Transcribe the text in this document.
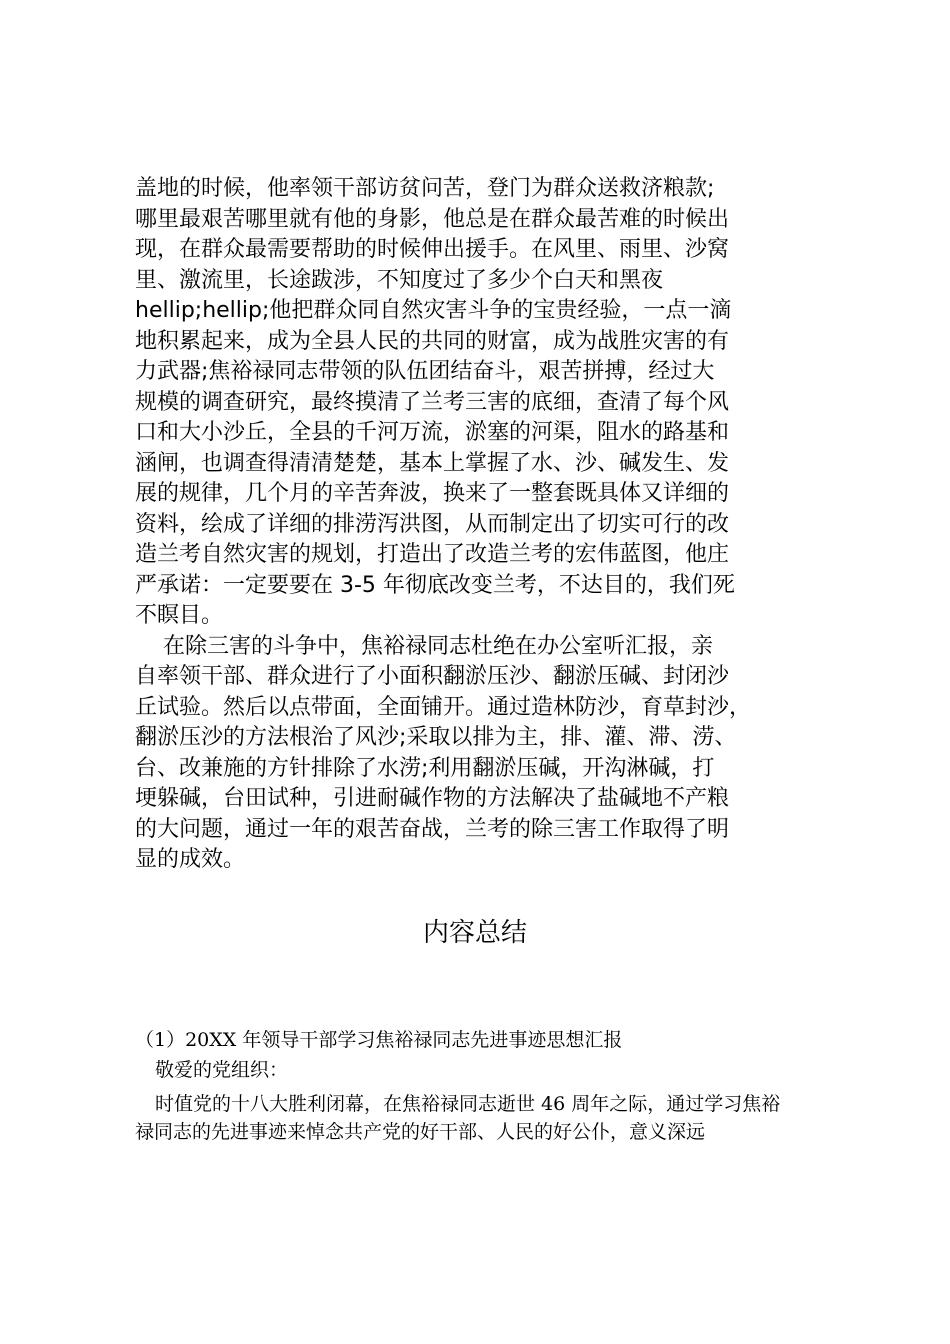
盖地的时候，他率领干部访贫问苦，登门为群众送救济粮款;
哪里最艰苦哪里就有他的身影，他总是在群众最苦难的时候出
现，在群众最需要帮助的时候伸出援手。在风里、雨里、沙窝
里、激流里，长途跋涉，不知度过了多少个白天和黑夜
hellip;hellip;他把群众同自然灾害斗争的宝贵经验，一点一滴
地积累起来，成为全县人民的共同的财富，成为战胜灾害的有
力武器;焦裕禄同志带领的队伍团结奋斗，艰苦拼搏，经过大
规模的调查研究，最终摸清了兰考三害的底细，查清了每个风
口和大小沙丘，全县的千河万流，淤塞的河渠，阻水的路基和
涵闸，也调查得清清楚楚，基本上掌握了水、沙、碱发生、发
展的规律，几个月的辛苦奔波，换来了一整套既具体又详细的
资料，绘成了详细的排涝泻洪图，从而制定出了切实可行的改
造兰考自然灾害的规划，打造出了改造兰考的宏伟蓝图，他庄
严承诺：一定要要在 3-5 年彻底改变兰考，不达目的，我们死
不瞑目。
在除三害的斗争中，焦裕禄同志杜绝在办公室听汇报，亲
自率领干部、群众进行了小面积翻淤压沙、翻淤压碱、封闭沙
丘试验。然后以点带面，全面铺开。通过造林防沙，育草封沙，
翻淤压沙的方法根治了风沙;采取以排为主，排、灌、滞、涝、
台、改兼施的方针排除了水涝;利用翻淤压碱，开沟淋碱，打
埂躲碱，台田试种，引进耐碱作物的方法解决了盐碱地不产粮
的大问题，通过一年的艰苦奋战，兰考的除三害工作取得了明
显的成效。
内容总结
（1）20XX 年领导干部学习焦裕禄同志先进事迹思想汇报
敬爱的党组织：
时值党的十八大胜利闭幕，在焦裕禄同志逝世 46 周年之际，通过学习焦裕
禄同志的先进事迹来悼念共产党的好干部、人民的好公仆，意义深远
